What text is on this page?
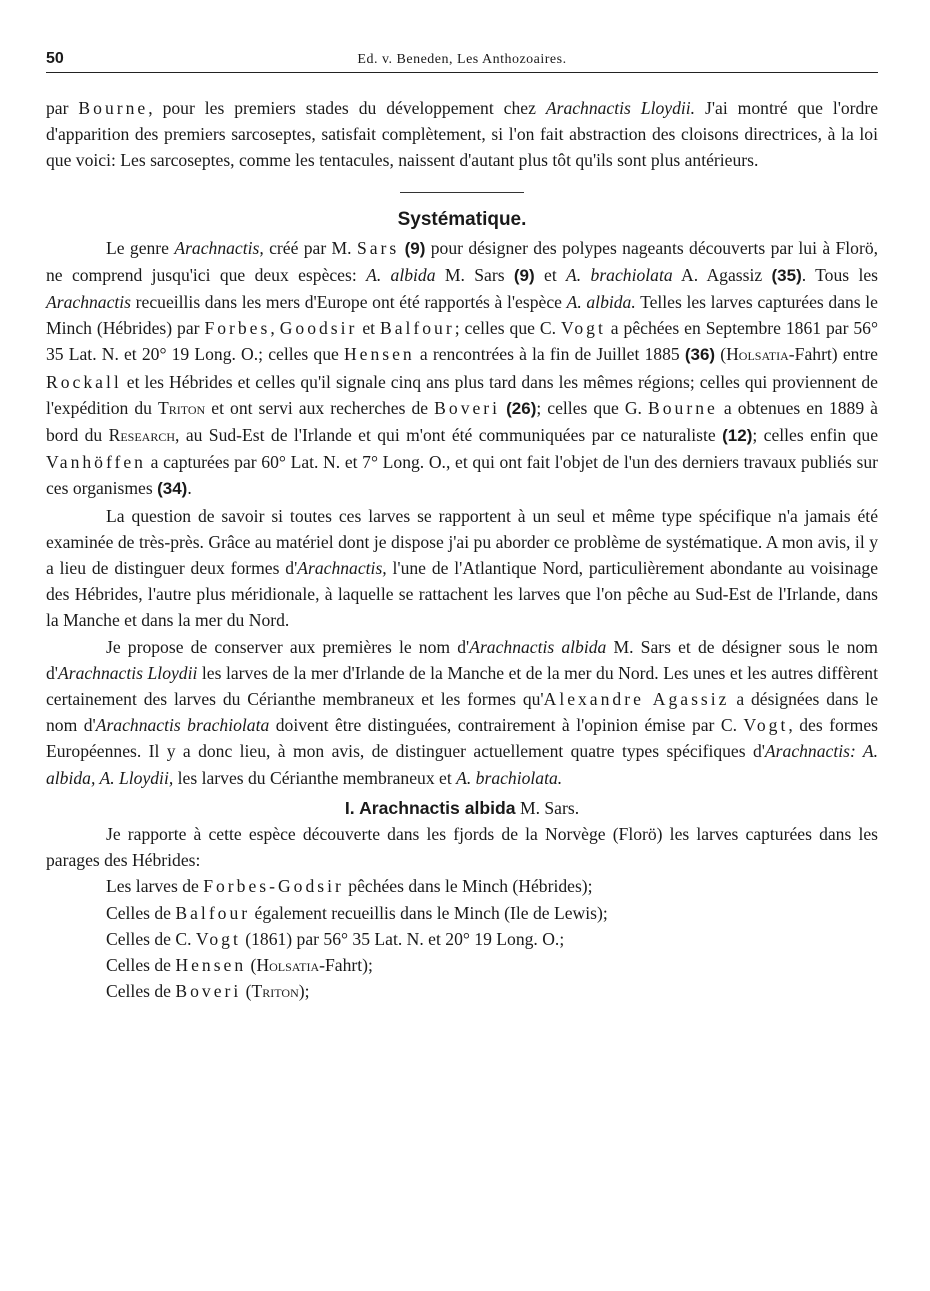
50	Ed. v. Beneden, Les Anthozoaires.

par Bourne, pour les premiers stades du développement chez Arachnactis Lloydii. J'ai montré que l'ordre d'apparition des premiers sarcoseptes, satisfait complètement, si l'on fait abstraction des cloisons directrices, à la loi que voici: Les sarcoseptes, comme les tentacules, naissent d'autant plus tôt qu'ils sont plus antérieurs.

Systématique.

Le genre Arachnactis, créé par M. Sars (9) pour désigner des polypes nageants découverts par lui à Florö, ne comprend jusqu'ici que deux espèces: A. albida M. Sars (9) et A. brachiolata A. Agassiz (35). Tous les Arachnactis recueillis dans les mers d'Europe ont été rapportés à l'espèce A. albida. Telles les larves capturées dans le Minch (Hébrides) par Forbes, Goodsir et Balfour; celles que C. Vogt a pêchées en Septembre 1861 par 56° 35 Lat. N. et 20° 19 Long. O.; celles que Hensen a rencontrées à la fin de Juillet 1885 (36) (Holsatia-Fahrt) entre Rockall et les Hébrides et celles qu'il signale cinq ans plus tard dans les mêmes régions; celles qui proviennent de l'expédition du Triton et ont servi aux recherches de Boveri (26); celles que G. Bourne a obtenues en 1889 à bord du Research, au Sud-Est de l'Irlande et qui m'ont été communiquées par ce naturaliste (12); celles enfin que Vanhöffen a capturées par 60° Lat. N. et 7° Long. O., et qui ont fait l'objet de l'un des derniers travaux publiés sur ces organismes (34).

La question de savoir si toutes ces larves se rapportent à un seul et même type spécifique n'a jamais été examinée de très-près. Grâce au matériel dont je dispose j'ai pu aborder ce problème de systématique. A mon avis, il y a lieu de distinguer deux formes d'Arachnactis, l'une de l'Atlantique Nord, particulièrement abondante au voisinage des Hébrides, l'autre plus méridionale, à laquelle se rattachent les larves que l'on pêche au Sud-Est de l'Irlande, dans la Manche et dans la mer du Nord.

Je propose de conserver aux premières le nom d'Arachnactis albida M. Sars et de désigner sous le nom d'Arachnactis Lloydii les larves de la mer d'Irlande de la Manche et de la mer du Nord. Les unes et les autres diffèrent certainement des larves du Cérianthe membraneux et les formes qu'Alexandre Agassiz a désignées dans le nom d'Arachnactis brachiolata doivent être distinguées, contrairement à l'opinion émise par C. Vogt, des formes Européennes. Il y a donc lieu, à mon avis, de distinguer actuellement quatre types spécifiques d'Arachnactis: A. albida, A. Lloydii, les larves du Cérianthe membraneux et A. brachiolata.

I. Arachnactis albida M. Sars.

Je rapporte à cette espèce découverte dans les fjords de la Norvège (Florö) les larves capturées dans les parages des Hébrides:

Les larves de Forbes-Godsir pêchées dans le Minch (Hébrides);

Celles de Balfour également recueillis dans le Minch (Ile de Lewis);

Celles de C. Vogt (1861) par 56° 35 Lat. N. et 20° 19 Long. O.;

Celles de Hensen (Holsatia-Fahrt);

Celles de Boveri (Triton);
